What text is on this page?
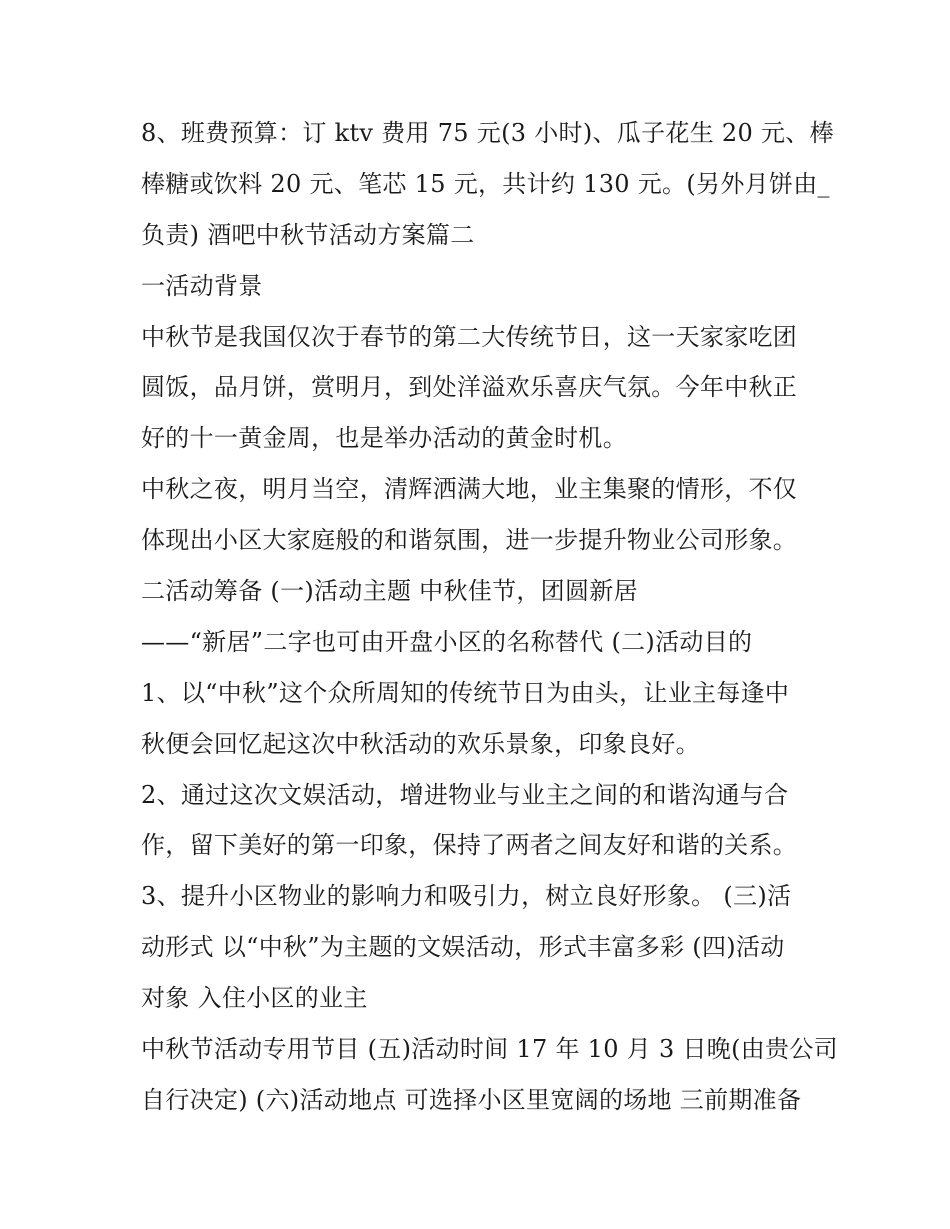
8、班费预算：订 ktv 费用 75 元(3 小时)、瓜子花生 20 元、棒
棒糖或饮料 20 元、笔芯 15 元，共计约 130 元。(另外月饼由_
负责) 酒吧中秋节活动方案篇二
一活动背景
中秋节是我国仅次于春节的第二大传统节日，这一天家家吃团
圆饭，品月饼，赏明月，到处洋溢欢乐喜庆气氛。今年中秋正
好的十一黄金周，也是举办活动的黄金时机。
中秋之夜，明月当空，清辉洒满大地，业主集聚的情形，不仅
体现出小区大家庭般的和谐氛围，进一步提升物业公司形象。
二活动筹备 (一)活动主题 中秋佳节，团圆新居
——“新居”二字也可由开盘小区的名称替代 (二)活动目的
1、以“中秋”这个众所周知的传统节日为由头，让业主每逢中
秋便会回忆起这次中秋活动的欢乐景象，印象良好。
2、通过这次文娱活动，增进物业与业主之间的和谐沟通与合
作，留下美好的第一印象，保持了两者之间友好和谐的关系。
3、提升小区物业的影响力和吸引力，树立良好形象。 (三)活
动形式 以“中秋”为主题的文娱活动，形式丰富多彩 (四)活动
对象 入住小区的业主
中秋节活动专用节目 (五)活动时间 17 年 10 月 3 日晚(由贵公司
自行决定) (六)活动地点 可选择小区里宽阔的场地 三前期准备
